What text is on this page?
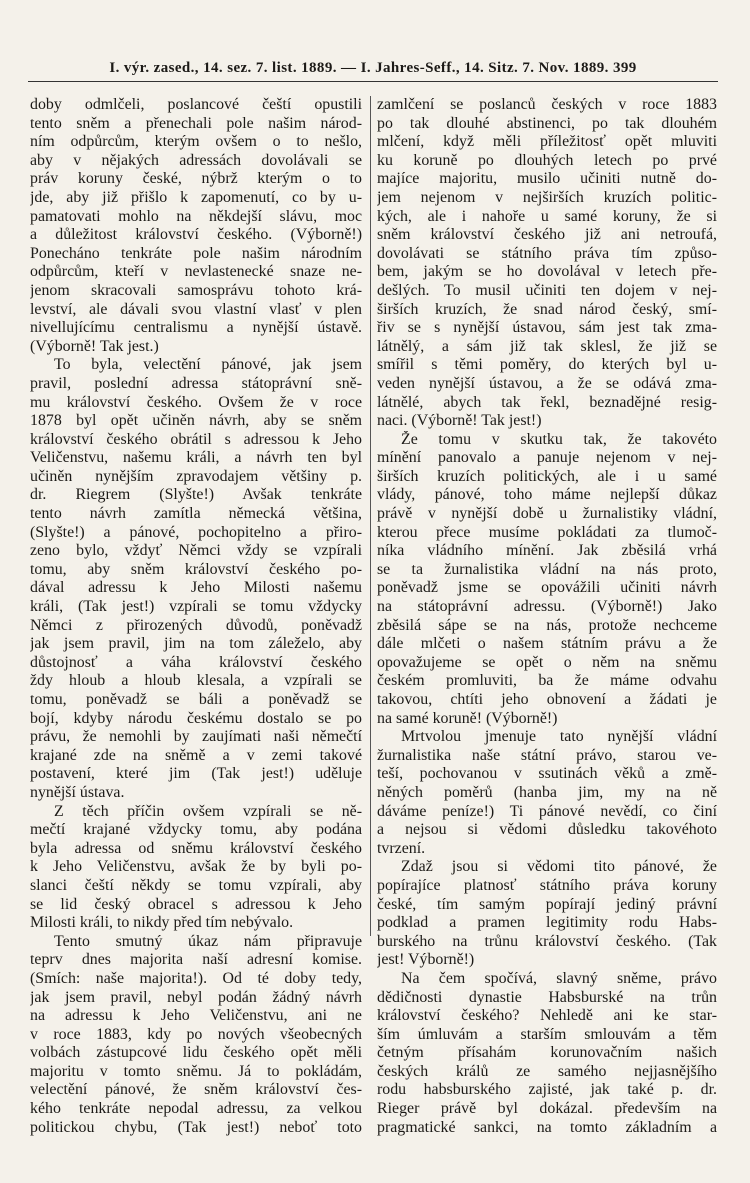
I. výr. zased., 14. sez. 7. list. 1889. — I. Jahres-Seff., 14. Sitz. 7. Nov. 1889. 399
doby odmlčeli, poslancové čeští opustili
tento sněm a přenechali pole našim národ-
ním odpůrcům, kterým ovšem o to nešlo,
aby v nějakých adressách dovolávali se
práv koruny české, nýbrž kterým o to
jde, aby již přišlo k zapomenutí, co by u-
pamatovati mohlo na někdejší slávu, moc
a důležitost království českého. (Výborně!)
Ponecháno tenkráte pole našim národním
odpůrcům, kteří v nevlastenecké snaze ne-
jenom skracovali samosprávu tohoto krá-
levství, ale dávali svou vlastní vlasť v plen
nivellujícímu centralismu a nynější ústavě.
(Výborně! Tak jest.)
To byla, velectění pánové, jak jsem
pravil, poslední adressa státoprávní sně-
mu království českého. Ovšem že v roce
1878 byl opět učiněn návrh, aby se sněm
království českého obrátil s adressou k Jeho
Veličenstvu, našemu králi, a návrh ten byl
učiněn nynějším zpravodajem většiny p.
dr. Riegrem (Slyšte!) Avšak tenkráte
tento návrh zamítla německá většina,
(Slyšte!) a pánové, pochopitelno a přiro-
zeno bylo, vždyť Němci vždy se vzpírali
tomu, aby sněm království českého po-
dával adressu k Jeho Milosti našemu
králi, (Tak jest!) vzpírali se tomu vždycky
Němci z přirozených důvodů, poněvadž
jak jsem pravil, jim na tom záleželo, aby
důstojnosť a váha království českého
ždy hloub a hloub klesala, a vzpírali se
tomu, poněvadž se báli a poněvadž se
bojí, kdyby národu českému dostalo se po
právu, že nemohli by zaujímati naši němečtí
krajané zde na sněmě a v zemi takové
postavení, které jim (Tak jest!) uděluje
nynější ústava.
Z těch příčin ovšem vzpírali se ně-
mečtí krajané vždycky tomu, aby podána
byla adressa od sněmu království českého
k Jeho Veličenstvu, avšak že by byli po-
slanci čeští někdy se tomu vzpírali, aby
se lid český obracel s adressou k Jeho
Milosti králi, to nikdy před tím nebývalo.
Tento smutný úkaz nám připravuje
teprv dnes majorita naší adresní komise.
(Smích: naše majorita!). Od té doby tedy,
jak jsem pravil, nebyl podán žádný návrh
na adressu k Jeho Veličenstvu, ani ne
v roce 1883, kdy po nových všeobecných
volbách zástupcové lidu českého opět měli
majoritu v tomto sněmu. Já to pokládám,
velectění pánové, že sněm království čes-
kého tenkráte nepodal adressu, za velkou
politickou chybu, (Tak jest!) neboť toto
zamlčení se poslanců českých v roce 1883
po tak dlouhé abstinenci, po tak dlouhém
mlčení, když měli příležitosť opět mluviti
ku koruně po dlouhých letech po prvé
majíce majoritu, musilo učiniti nutně do-
jem nejenom v nejširších kruzích politic-
kých, ale i nahoře u samé koruny, že si
sněm království českého již ani netroufá,
dovolávati se státního práva tím způso-
bem, jakým se ho dovolával v letech pře-
dešlých. To musil učiniti ten dojem v nej-
širších kruzích, že snad národ český, smí-
řiv se s nynější ústavou, sám jest tak zma-
látnělý, a sám již tak sklesl, že již se
smířil s těmi poměry, do kterých byl u-
veden nynější ústavou, a že se odává zma-
látnělé, abych tak řekl, beznadějné resig-
naci. (Výborně! Tak jest!)
Že tomu v skutku tak, že takovéto
mínění panovalo a panuje nejenom v nej-
širších kruzích politických, ale i u samé
vlády, pánové, toho máme nejlepší důkaz
právě v nynější době u žurnalistiky vládní,
kterou přece musíme pokládati za tlumoč-
níka vládního mínění. Jak zběsilá vrhá
se ta žurnalistika vládní na nás proto,
poněvadž jsme se opovážili učiniti návrh
na státoprávní adressu. (Výborně!) Jako
zběsilá sápe se na nás, protože nechceme
dále mlčeti o našem státním právu a že
opovažujeme se opět o něm na sněmu
českém promluviti, ba že máme odvahu
takovou, chtíti jeho obnovení a žádati je
na samé koruně! (Výborně!)
Mrtvolou jmenuje tato nynější vládní
žurnalistika naše státní právo, starou ve-
teší, pochovanou v ssutinách věků a změ-
něných poměrů (hanba jim, my na ně
dáváme peníze!) Ti pánové nevědí, co činí
a nejsou si vědomi důsledku takovéhoto
tvrzení.
Zdaž jsou si vědomi tito pánové, že
popírajíce platnosť státního práva koruny
české, tím samým popírají jediný právní
podklad a pramen legitimity rodu Habs-
burského na trůnu království českého. (Tak
jest! Výborně!)
Na čem spočívá, slavný sněme, právo
dědičnosti dynastie Habsburské na trůn
království českého? Nehledě ani ke star-
ším úmluvám a starším smlouvám a těm
četným přísahám korunovačním našich
českých králů ze samého nejjasnějšího
rodu habsburského zajisté, jak také p. dr.
Rieger právě byl dokázal. především na
pragmatické sankci, na tomto základním a
